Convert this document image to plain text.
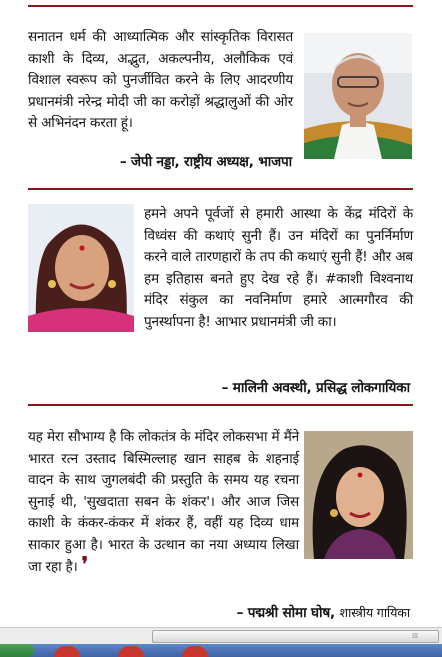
सनातन धर्म की आध्यात्मिक और सांस्कृतिक विरासत काशी के दिव्य, अद्भुत, अकल्पनीय, अलौकिक एवं विशाल स्वरूप को पुनर्जीवित करने के लिए आदरणीय प्रधानमंत्री नरेन्द्र मोदी जी का करोड़ों श्रद्धालुओं की ओर से अभिनंदन करता हूं।

– जेपी नड्डा, राष्ट्रीय अध्यक्ष, भाजपा
हमने अपने पूर्वजों से हमारी आस्था के केंद्र मंदिरों के विध्वंस की कथाएं सुनी हैं। उन मंदिरों का पुनर्निर्माण करने वाले तारणहारों के तप की कथाएं सुनी हैं! और अब हम इतिहास बनते हुए देख रहे हैं। #काशी विश्वनाथ मंदिर संकुल का नवनिर्माण हमारे आत्मगौरव की पुनर्स्थापना है! आभार प्रधानमंत्री जी का।
– मालिनी अवस्थी, प्रसिद्ध लोकगायिका
यह मेरा सौभाग्य है कि लोकतंत्र के मंदिर लोकसभा में मैंने भारत रत्न उस्ताद बिस्मिल्लाह खान साहब के शहनाई वादन के साथ जुगलबंदी की प्रस्तुति के समय यह रचना सुनाई थी, 'सुखदाता सबन के शंकर'। और आज जिस काशी के कंकर-कंकर में शंकर हैं, वहीं यह दिव्य धाम साकार हुआ है। भारत के उत्थान का नया अध्याय लिखा जा रहा है। ❜
– पद्मश्री सोमा घोष, शास्त्रीय गायिका
⁞⁞⁞
